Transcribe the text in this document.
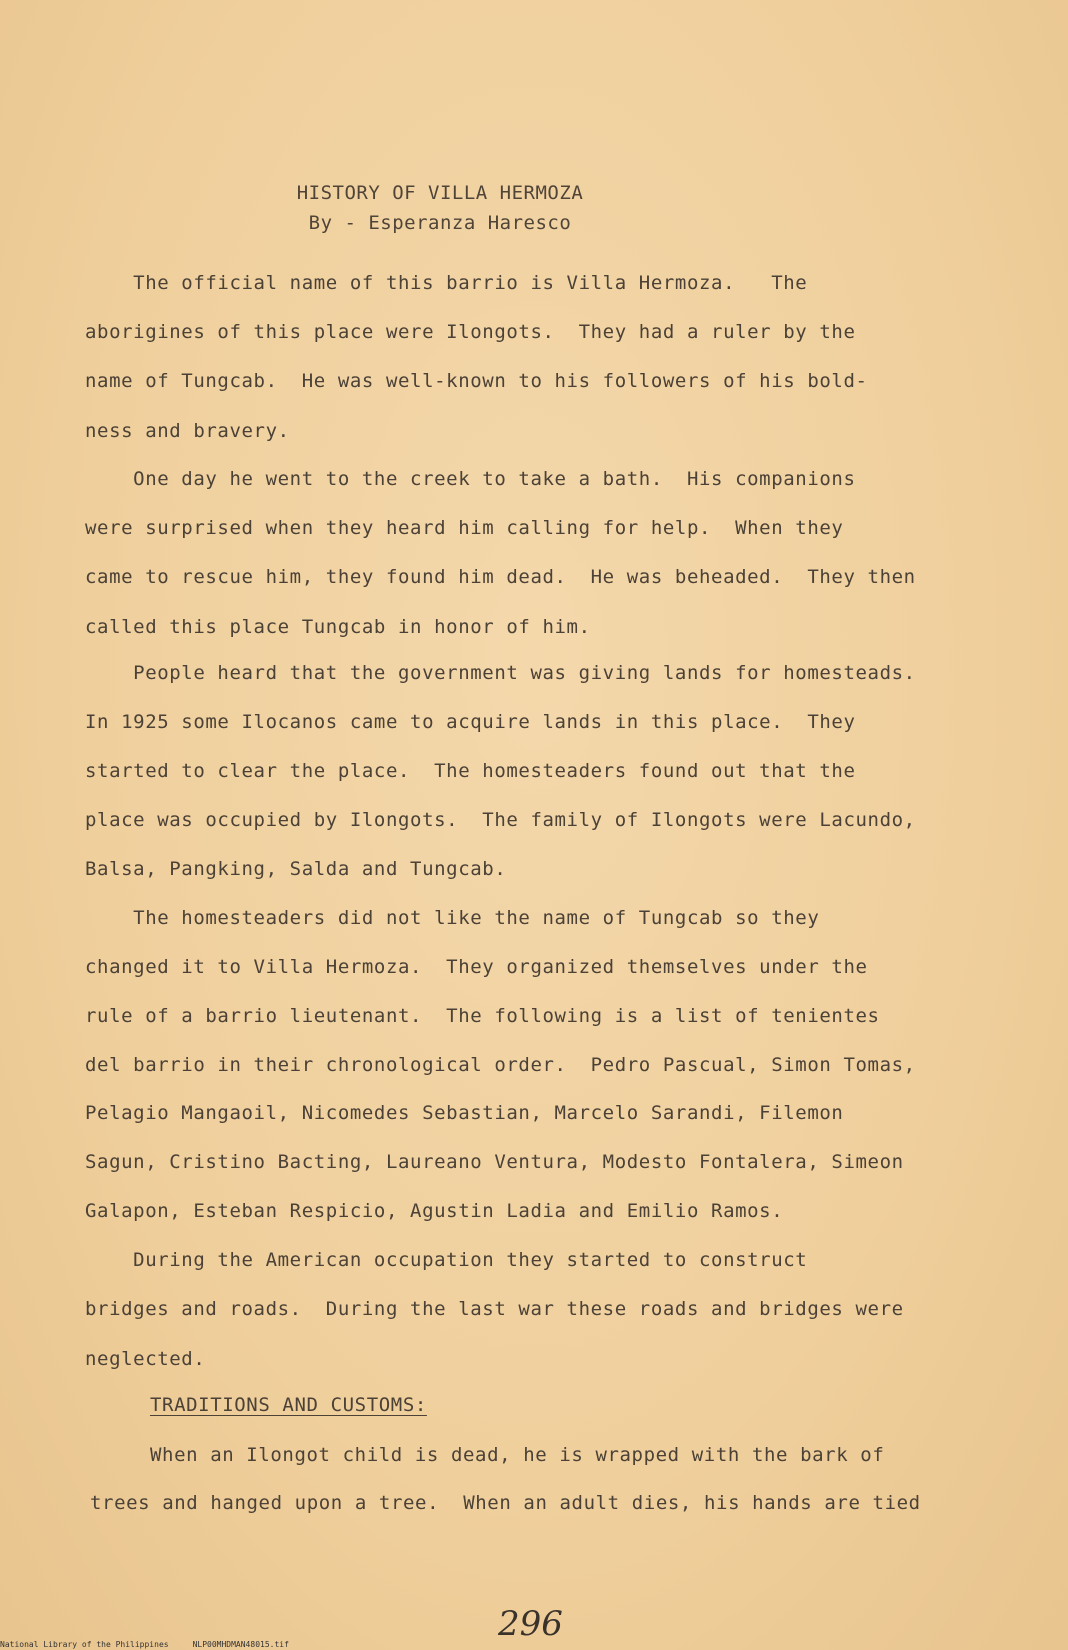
HISTORY OF VILLA HERMOZA
By - Esperanza Haresco
The official name of this barrio is Villa Hermoza.   The
aborigines of this place were Ilongots.  They had a ruler by the
name of Tungcab.  He was well-known to his followers of his bold-
ness and bravery.
One day he went to the creek to take a bath.  His companions
were surprised when they heard him calling for help.  When they
came to rescue him, they found him dead.  He was beheaded.  They then
called this place Tungcab in honor of him.
People heard that the government was giving lands for homesteads.
In 1925 some Ilocanos came to acquire lands in this place.  They
started to clear the place.  The homesteaders found out that the
place was occupied by Ilongots.  The family of Ilongots were Lacundo,
Balsa, Pangking, Salda and Tungcab.
The homesteaders did not like the name of Tungcab so they
changed it to Villa Hermoza.  They organized themselves under the
rule of a barrio lieutenant.  The following is a list of tenientes
del barrio in their chronological order.  Pedro Pascual, Simon Tomas,
Pelagio Mangaoil, Nicomedes Sebastian, Marcelo Sarandi, Filemon
Sagun, Cristino Bacting, Laureano Ventura, Modesto Fontalera, Simeon
Galapon, Esteban Respicio, Agustin Ladia and Emilio Ramos.
During the American occupation they started to construct
bridges and roads.  During the last war these roads and bridges were
neglected.
TRADITIONS AND CUSTOMS:
When an Ilongot child is dead, he is wrapped with the bark of
trees and hanged upon a tree.  When an adult dies, his hands are tied
296
National Library of the Philippines	NLP00MHDMAN48015.tif
